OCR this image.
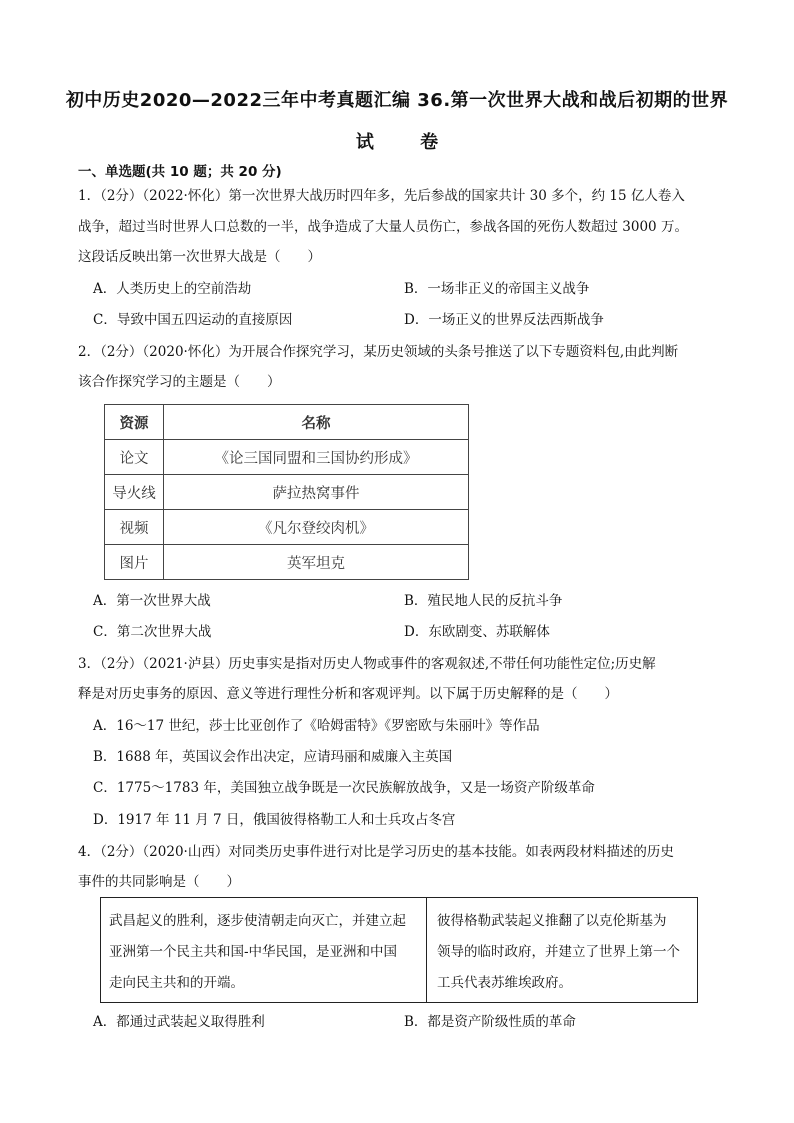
初中历史2020—2022三年中考真题汇编 36.第一次世界大战和战后初期的世界
试 卷
一、单选题(共 10 题；共 20 分)
1．（2分）（2022·怀化）第一次世界大战历时四年多，先后参战的国家共计 30 多个，约 15 亿人卷入
战争，超过当时世界人口总数的一半，战争造成了大量人员伤亡，参战各国的死伤人数超过 3000 万。
这段话反映出第一次世界大战是（　　）
A．人类历史上的空前浩劫	B．一场非正义的帝国主义战争
C．导致中国五四运动的直接原因	D．一场正义的世界反法西斯战争
2．（2分）（2020·怀化）为开展合作探究学习，某历史领域的头条号推送了以下专题资料包,由此判断
该合作探究学习的主题是（　　）
资源	名称
论文	《论三国同盟和三国协约形成》
导火线	萨拉热窝事件
视频	《凡尔登绞肉机》
图片	英军坦克
A．第一次世界大战	B．殖民地人民的反抗斗争
C．第二次世界大战	D．东欧剧变、苏联解体
3．（2分）（2021·泸县）历史事实是指对历史人物或事件的客观叙述,不带任何功能性定位;历史解
释是对历史事务的原因、意义等进行理性分析和客观评判。以下属于历史解释的是（　　）
A．16～17 世纪，莎士比亚创作了《哈姆雷特》《罗密欧与朱丽叶》等作品
B．1688 年，英国议会作出决定，应请玛丽和威廉入主英国
C．1775～1783 年，美国独立战争既是一次民族解放战争，又是一场资产阶级革命
D．1917 年 11 月 7 日，俄国彼得格勒工人和士兵攻占冬宫
4．（2分）（2020·山西）对同类历史事件进行对比是学习历史的基本技能。如表两段材料描述的历史
事件的共同影响是（　　）
武昌起义的胜利，逐步使清朝走向灭亡，并建立起
亚洲第一个民主共和国-中华民国，是亚洲和中国
走向民主共和的开端。
彼得格勒武装起义推翻了以克伦斯基为
领导的临时政府，并建立了世界上第一个
工兵代表苏维埃政府。
A．都通过武装起义取得胜利	B．都是资产阶级性质的革命
